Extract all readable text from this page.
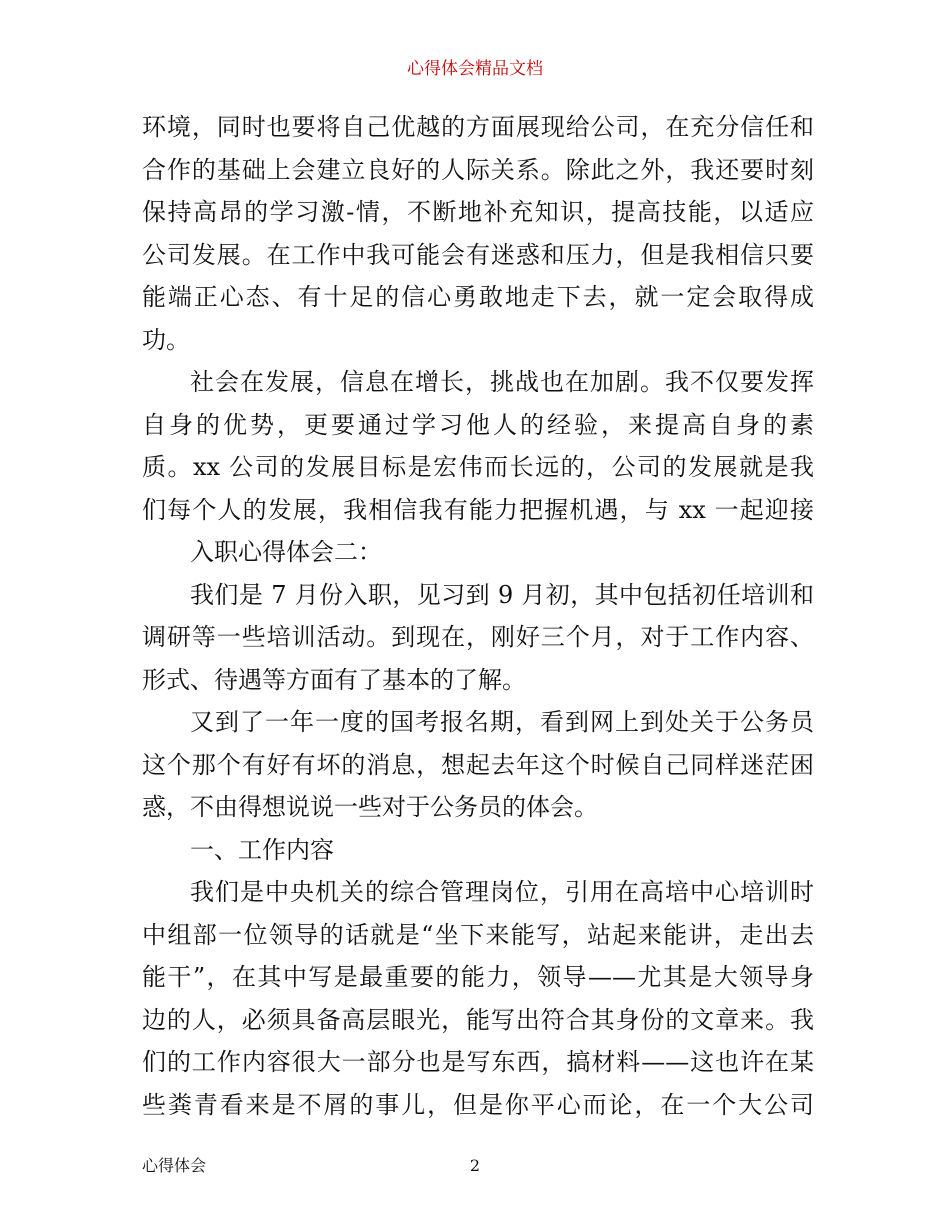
心得体会精品文档
环境，同时也要将自己优越的方面展现给公司，在充分信任和
合作的基础上会建立良好的人际关系。除此之外，我还要时刻
保持高昂的学习激-情，不断地补充知识，提高技能，以适应
公司发展。在工作中我可能会有迷惑和压力，但是我相信只要
能端正心态、有十足的信心勇敢地走下去，就一定会取得成
功。
社会在发展，信息在增长，挑战也在加剧。我不仅要发挥
自身的优势，更要通过学习他人的经验，来提高自身的素
质。xx 公司的发展目标是宏伟而长远的，公司的发展就是我
们每个人的发展，我相信我有能力把握机遇，与 xx 一起迎接
入职心得体会二：
我们是 7 月份入职，见习到 9 月初，其中包括初任培训和
调研等一些培训活动。到现在，刚好三个月，对于工作内容、
形式、待遇等方面有了基本的了解。
又到了一年一度的国考报名期，看到网上到处关于公务员
这个那个有好有坏的消息，想起去年这个时候自己同样迷茫困
惑，不由得想说说一些对于公务员的体会。
一、工作内容
我们是中央机关的综合管理岗位，引用在高培中心培训时
中组部一位领导的话就是“坐下来能写，站起来能讲，走出去
能干”，在其中写是最重要的能力，领导——尤其是大领导身
边的人，必须具备高层眼光，能写出符合其身份的文章来。我
们的工作内容很大一部分也是写东西，搞材料——这也许在某
些粪青看来是不屑的事儿，但是你平心而论，在一个大公司
心得体会	2
